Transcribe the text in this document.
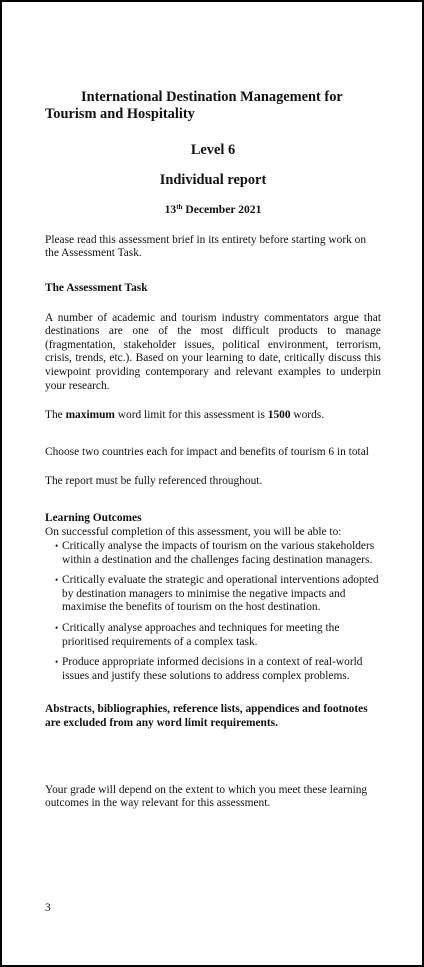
International Destination Management for Tourism and Hospitality

Level 6

Individual report

13th December 2021

Please read this assessment brief in its entirety before starting work on the Assessment Task.

The Assessment Task

A number of academic and tourism industry commentators argue that destinations are one of the most difficult products to manage (fragmentation, stakeholder issues, political environment, terrorism, crisis, trends, etc.). Based on your learning to date, critically discuss this viewpoint providing contemporary and relevant examples to underpin your research.

The maximum word limit for this assessment is 1500 words.

Choose two countries each for impact and benefits of tourism 6 in total

The report must be fully referenced throughout.

Learning Outcomes

On successful completion of this assessment, you will be able to:

• Critically analyse the impacts of tourism on the various stakeholders within a destination and the challenges facing destination managers.
• Critically evaluate the strategic and operational interventions adopted by destination managers to minimise the negative impacts and maximise the benefits of tourism on the host destination.
• Critically analyse approaches and techniques for meeting the prioritised requirements of a complex task.
• Produce appropriate informed decisions in a context of real-world issues and justify these solutions to address complex problems.

Abstracts, bibliographies, reference lists, appendices and footnotes are excluded from any word limit requirements.

Your grade will depend on the extent to which you meet these learning outcomes in the way relevant for this assessment.

3
